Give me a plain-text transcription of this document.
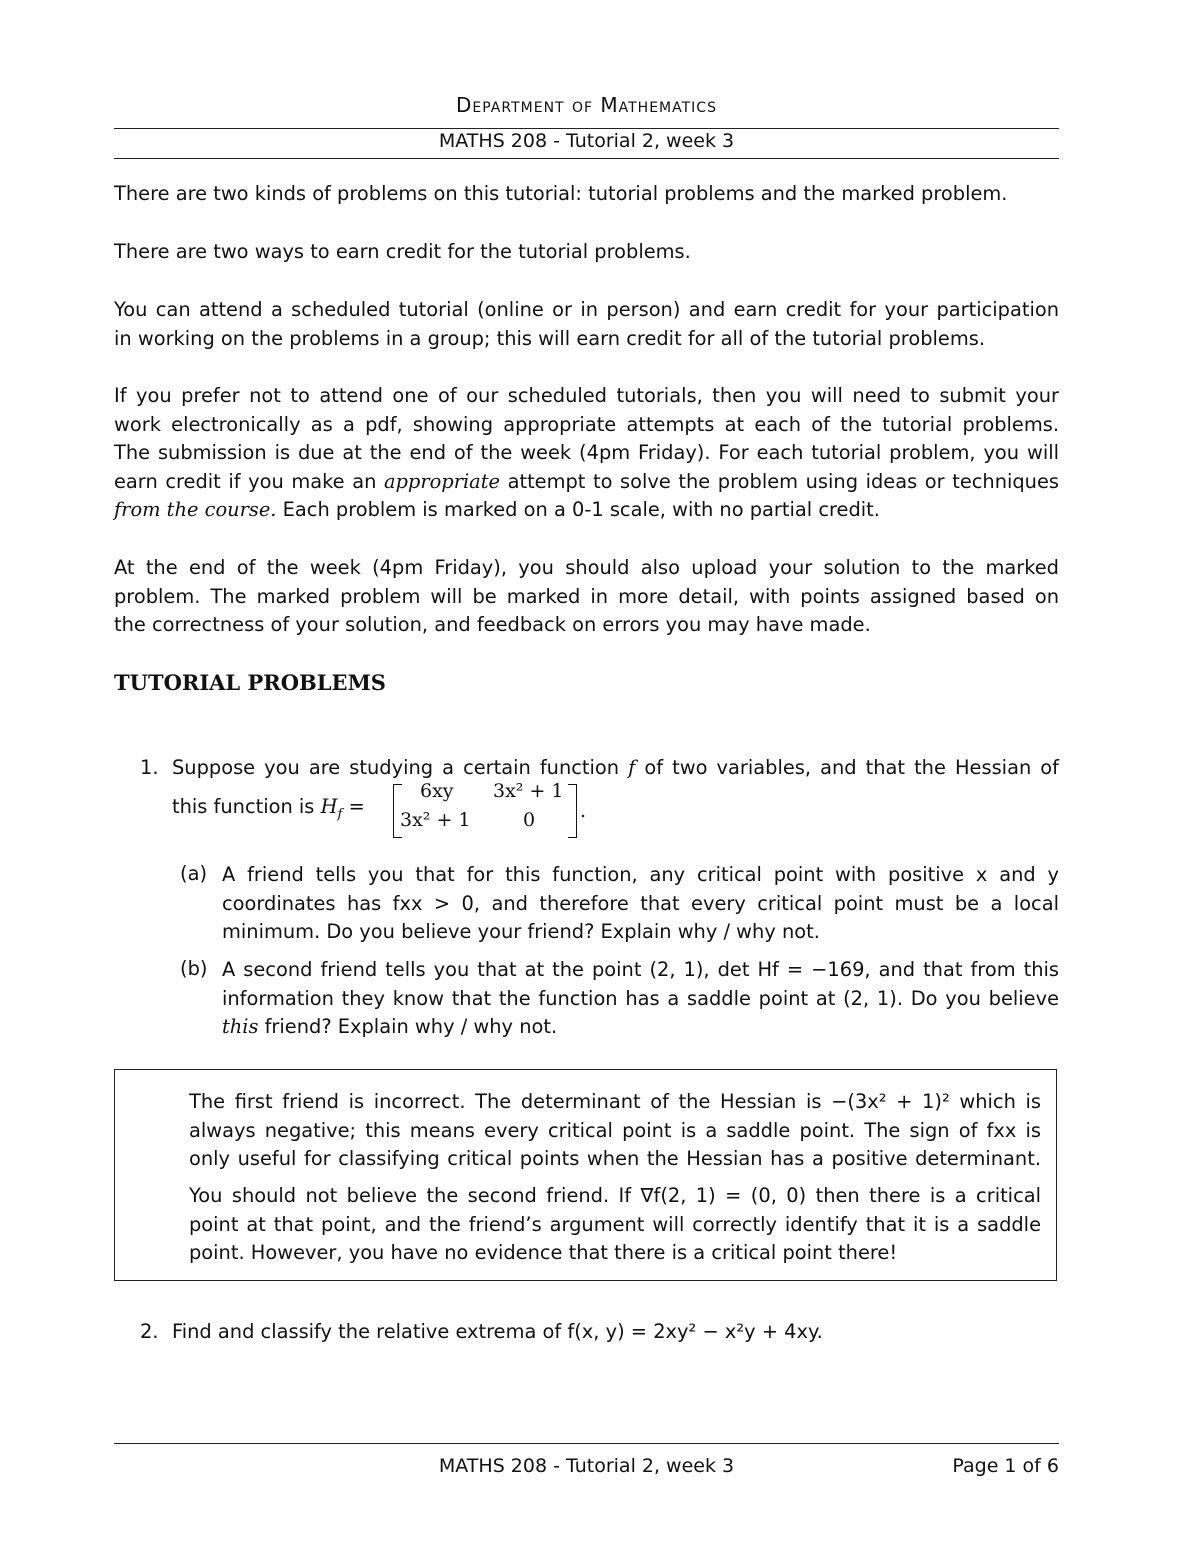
Department of Mathematics
MATHS 208 - Tutorial 2, week 3
There are two kinds of problems on this tutorial: tutorial problems and the marked problem.
There are two ways to earn credit for the tutorial problems.
You can attend a scheduled tutorial (online or in person) and earn credit for your participation
in working on the problems in a group; this will earn credit for all of the tutorial problems.
If you prefer not to attend one of our scheduled tutorials, then you will need to submit your
work electronically as a pdf, showing appropriate attempts at each of the tutorial problems.
The submission is due at the end of the week (4pm Friday). For each tutorial problem, you will
earn credit if you make an appropriate attempt to solve the problem using ideas or techniques
from the course. Each problem is marked on a 0-1 scale, with no partial credit.
At the end of the week (4pm Friday), you should also upload your solution to the marked
problem. The marked problem will be marked in more detail, with points assigned based on
the correctness of your solution, and feedback on errors you may have made.
TUTORIAL PROBLEMS
1. Suppose you are studying a certain function f of two variables, and that the Hessian of
this function is $H_f$ =
6xy 3x² + 1
3x² + 1	0 .
(a) A friend tells you that for this function, any critical point with positive x and y
coordinates has fxx > 0, and therefore that every critical point must be a local
minimum. Do you believe your friend? Explain why / why not.
(b) A second friend tells you that at the point (2, 1), det Hf = −169, and that from this
information they know that the function has a saddle point at (2, 1). Do you believe
this friend? Explain why / why not.
The first friend is incorrect. The determinant of the Hessian is −(3x² + 1)² which is
always negative; this means every critical point is a saddle point. The sign of fxx is
only useful for classifying critical points when the Hessian has a positive determinant.
You should not believe the second friend. If ∇f(2, 1) = (0, 0) then there is a critical
point at that point, and the friend’s argument will correctly identify that it is a saddle
point. However, you have no evidence that there is a critical point there!
2. Find and classify the relative extrema of f(x, y) = 2xy² − x²y + 4xy.
MATHS 208 - Tutorial 2, week 3	Page 1 of 6
